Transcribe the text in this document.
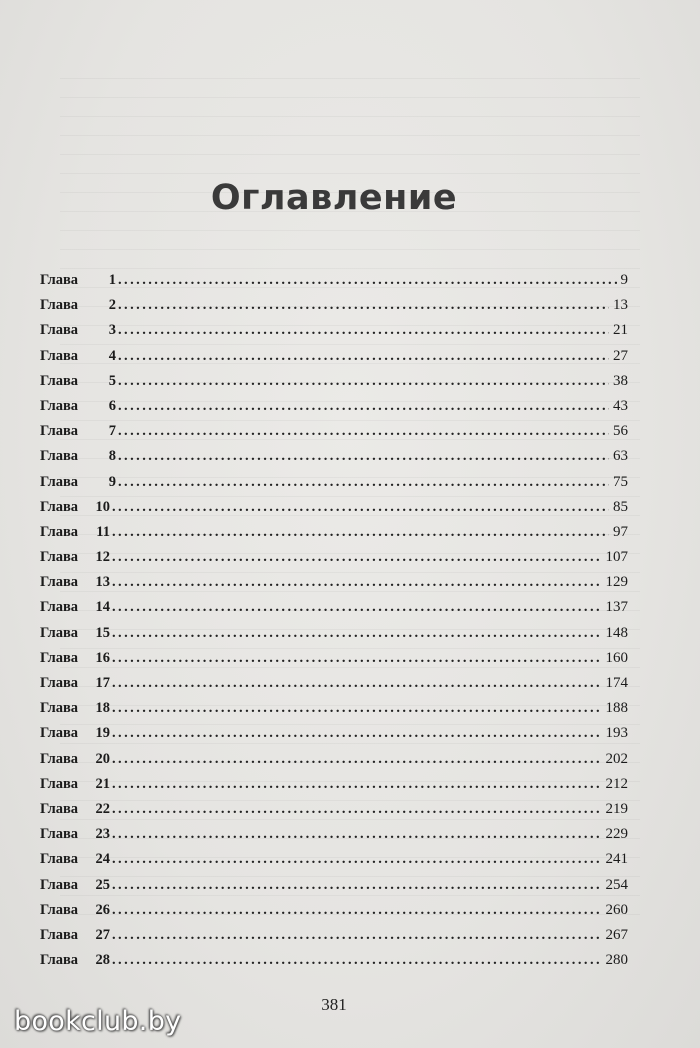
Оглавление
Глава	1 . . .	9
Глава	2 . . .	13
Глава	3 . . .	21
Глава	4 . . .	27
Глава	5 . . .	38
Глава	6 . . .	43
Глава	7 . . .	56
Глава	8 . . .	63
Глава	9 . . .	75
Глава	10 . . .	85
Глава	11 . . .	97
Глава	12 . . .	107
Глава	13 . . .	129
Глава	14 . . .	137
Глава	15 . . .	148
Глава	16 . . .	160
Глава	17 . . .	174
Глава	18 . . .	188
Глава	19 . . .	193
Глава	20 . . .	202
Глава	21 . . .	212
Глава	22 . . .	219
Глава	23 . . .	229
Глава	24 . . .	241
Глава	25 . . .	254
Глава	26 . . .	260
Глава	27 . . .	267
Глава	28 . . .	280
381
bookclub.by
